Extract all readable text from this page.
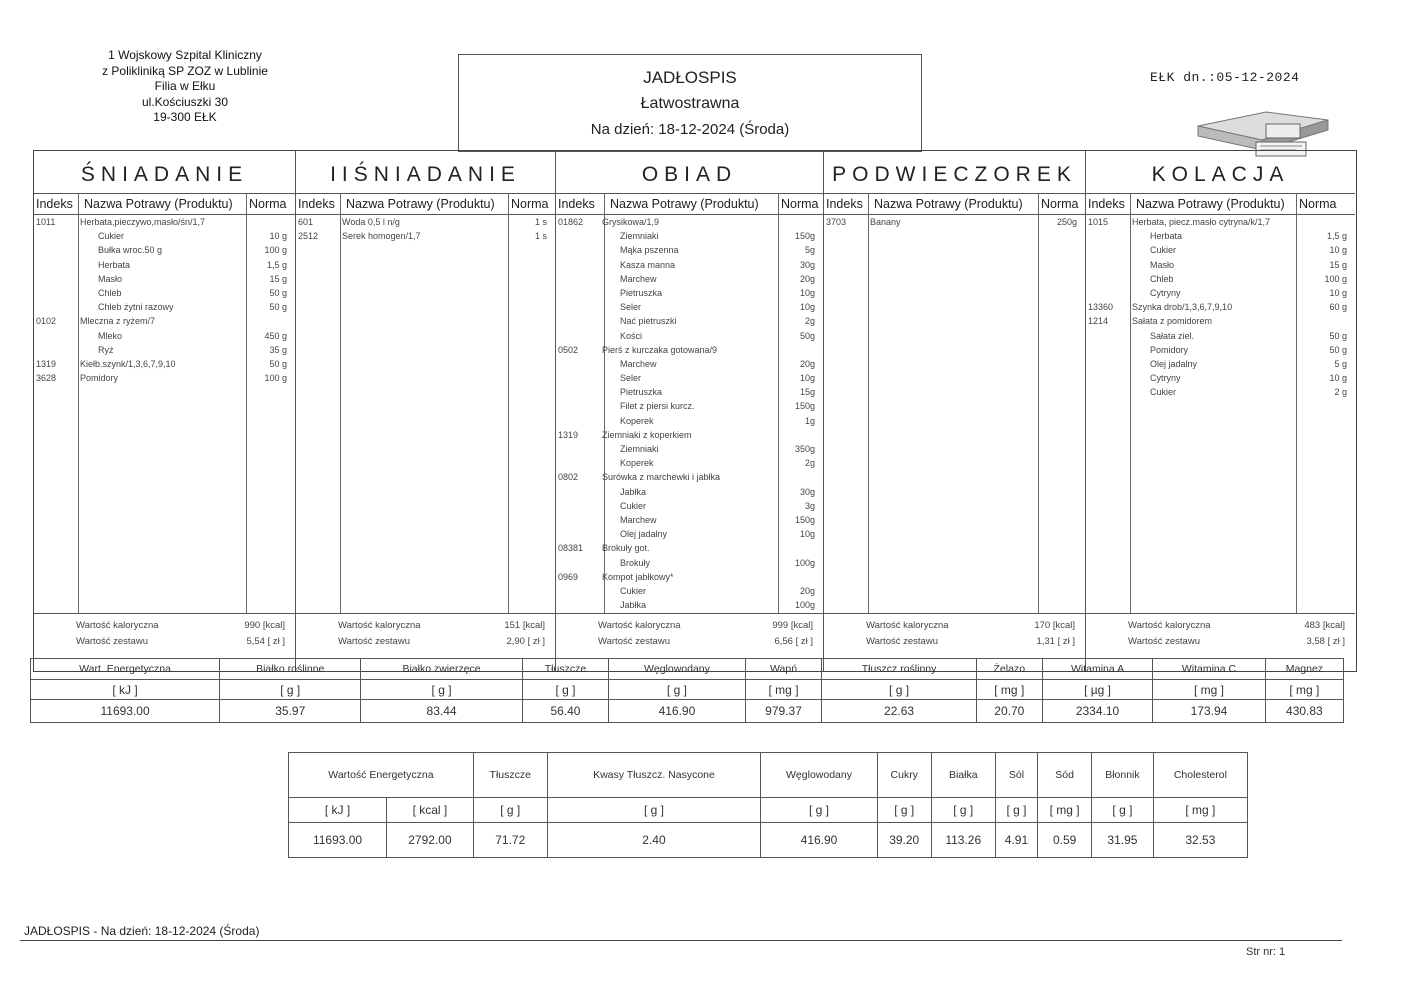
1 Wojskowy Szpital Kliniczny
z Polikliniką SP ZOZ w Lublinie
Filia w Ełku
ul.Kościuszki 30
19-300 EŁK
JADŁOSPIS
Łatwostrawna
Na dzień: 18-12-2024 (Środa)
EŁK dn.:05-12-2024
ŚNIADANIE
Indeks Nazwa Potrawy (Produktu) Norma
1011	Herbata,pieczywo,masło/śn/1,7
Cukier	10 g
Bułka wroc.50 g	100 g
Herbata	1,5 g
Masło	15 g
Chleb	50 g
Chleb żytni razowy	50 g
0102	Mleczna z ryżem/7
Mleko	450 g
Ryż	35 g
1319	Kiełb.szynk/1,3,6,7,9,10	50 g
3628	Pomidory	100 g
Wartość kaloryczna	990 [kcal]
Wartość zestawu	5,54 [ zł ]
IIŚNIADANIE
Indeks Nazwa Potrawy (Produktu) Norma
601	Woda 0,5 l n/g	1 s
2512	Serek homogen/1,7	1 s
Wartość kaloryczna	151 [kcal]
Wartość zestawu	2,90 [ zł ]
OBIAD
Indeks Nazwa Potrawy (Produktu) Norma
01862 Grysikowa/1,9
Ziemniaki	150g
Mąka pszenna	5g
Kasza manna	30g
Marchew	20g
Pietruszka	10g
Seler	10g
Nać pietruszki	2g
Kości	50g
0502	Pierś z kurczaka gotowana/9
Marchew	20g
Seler	10g
Pietruszka	15g
Filet z piersi kurcz.	150g
Koperek	1g
1319	Ziemniaki z koperkiem
Ziemniaki	350g
Koperek	2g
0802	Surówka z marchewki i jabłka
Jabłka	30g
Cukier	3g
Marchew	150g
Olej jadalny	10g
08381 Brokuły got.
Brokuły	100g
0969	Kompot jabłkowy*
Cukier	20g
Jabłka	100g
Wartość kaloryczna	999 [kcal]
Wartość zestawu	6,56 [ zł ]
PODWIECZOREK
Indeks Nazwa Potrawy (Produktu) Norma
3703	Banany	250g
Wartość kaloryczna	170 [kcal]
Wartość zestawu	1,31 [ zł ]
KOLACJA
Indeks Nazwa Potrawy (Produktu) Norma
1015	Herbata, piecz.masło cytryna/k/1,7
Herbata	1,5 g
Cukier	10 g
Masło	15 g
Chleb	100 g
Cytryny	10 g
13360 Szynka drob/1,3,6,7,9,10	60 g
1214	Sałata z pomidorem
Sałata ziel.	50 g
Pomidory	50 g
Olej jadalny	5 g
Cytryny	10 g
Cukier	2 g
Wartość kaloryczna	483 [kcal]
Wartość zestawu	3,58 [ zł ]
Wart. Energetyczna	Białko roślinne	Białko zwierzęce	Tłuszcze	Węglowodany	Wapń	Tłuszcz roślinny	Żelazo	Witamina A	Witamina C	Magnez
[ kJ ]	[ g ]	[ g ]	[ g ]	[ g ]	[ mg ]	[ g ]	[ mg ]	[ µg ]	[ mg ]	[ mg ]
11693.00	35.97	83.44	56.40	416.90	979.37	22.63	20.70	2334.10	173.94	430.83
Wartość Energetyczna		Tłuszcze	Kwasy Tłuszcz. Nasycone	Węglowodany	Cukry	Białka	Sól	Sód	Błonnik	Cholesterol
[ kJ ]	[ kcal ]	[ g ]	[ g ]	[ g ]	[ g ]	[ g ]	[ g ]	[ mg ]	[ g ]	[ mg ]
11693.00	2792.00	71.72	2.40	416.90	39.20	113.26	4.91	0.59	31.95	32.53
JADŁOSPIS - Na dzień: 18-12-2024 (Środa)
Str nr: 1
